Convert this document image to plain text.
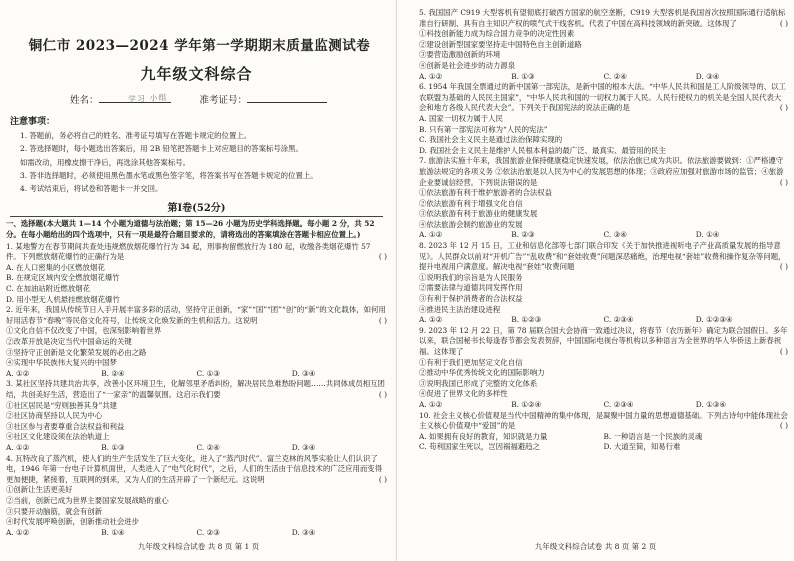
铜仁市 2023—2024 学年第一学期期末质量监测试卷
九年级文科综合
姓名：	准考证号：
注意事项：
1. 答题前，务必将自己的姓名、准考证号填写在答题卡规定的位置上。
2. 答选择题时，每小题选出答案后，用 2B 铅笔把答题卡上对应题目的答案标号涂黑。
如需改动，用橡皮擦干净后，再选涂其他答案标号。
3. 答非选择题时，必须使用黑色墨水笔或黑色签字笔，将答案书写在答题卡规定的位置上。
4. 考试结束后，将试卷和答题卡一并交回。
第Ⅰ卷(52分)
一、选择题(本大题共 1—14 个小题为道德与法治题；第 15—26 小题为历史学科选择题。每小题 2 分，共 52 分。在每小题给出的四个选项中，只有一项是最符合题目要求的，请将选出的答案填涂在答题卡相应位置上。)
1. 某地警方在春节期间共查处违规燃放烟花爆竹行为 34 起，刑事拘留燃放行为 180 起，收缴各类烟花爆竹 57 件。下列燃放烟花爆竹的正确行为是	( )
A. 在人口密集的小区燃放烟花
B. 在规定区域内安全燃放烟花爆竹
C. 在加油站附近燃放烟花
D. 用小型无人机悬挂燃放烟花爆竹
2. 近年来，我国从传统节日入手开展丰富多彩的活动，坚持守正创新，“家”“国”“团”“创”的“新”的文化载体，如何用好用活春节“春晚”等民俗文化符号，让传统文化焕发新的生机和活力。这说明	( )
①文化自信不仅改变了中国，也深刻影响着世界
②改革开放是决定当代中国命运的关键
③坚持守正创新是文化繁荣发展的必由之路
④实现中华民族伟大复兴的中国梦
A. ①②	B. ②④	C. ①③	D. ③④
3. 某社区坚持共建共治共享，改善小区环境卫生，化解邻里矛盾纠纷，解决居民急难愁盼问题……共同体成员相互团结，共创美好生活，营造出了“一家亲”的温馨氛围。这启示我们要	( )
①社区居民是“穷则独善其身”共建
②社区协商坚持以人民为中心
③社区参与者要尊重合法权益和利益
④社区文化建设须在法治轨道上
A. ①②	B. ①③	C. ②④	D. ③④
4. 瓦特改良了蒸汽机，使人们的生产生活发生了巨大变化，进入了“蒸汽时代”。富兰克林的风筝实验让人们认识了电，1946 年第一台电子计算机面世，人类进入了“电气化时代”，之后，人们的生活由于信息技术的广泛应用而变得更加便捷，紧接着，互联网的到来，又为人们的生活开辟了一个新纪元。这说明	( )
①创新让生活更美好
②当前，创新已成为世界主要国家发展战略的重心
③只要开动脑筋，就会有创新
④时代发展呼唤创新，创新推动社会进步
A. ①②	B. ①④	C. ②③	D. ③④
九年级文科综合试卷 共 8 页 第 1 页
学习 小组
5. 我国国产 C919 大型客机有望彻底打破西方国家的航空垄断，C919 大型客机是我国首次按照国际通行适航标准自行研制、具有自主知识产权的喷气式干线客机。代表了中国在高科技领域的新突破。这体现了	( )
①科技创新能力成为综合国力竞争的决定性因素
②建设创新型国家要坚持走中国特色自主创新道路
③要营造激励创新的环境
④创新是社会进步的动力源泉
A. ①②	B. ①③	C. ②④	D. ③④
6. 1954 年我国全票通过的新中国第一部宪法，是新中国的根本大法。“中华人民共和国是工人阶级领导的、以工农联盟为基础的人民民主国家”，“中华人民共和国的一切权力属于人民。人民行使权力的机关是全国人民代表大会和地方各级人民代表大会”。下列关于我国宪法的说法正确的是	( )
A. 国家一切权力属于人民
B. 只有第一部宪法可称为“人民的宪法”
C. 我国社会主义民主是通过法治保障实现的
D. 我国社会主义民主是维护人民根本利益的最广泛、最真实、最管用的民主
7. 旅游法实施十年来，我国旅游业保持健康稳定快速发展，依法治旅已成为共识。依法旅游要做到：①严格遵守旅游法规定的各项义务 ②依法治旅是以人民为中心的发展思想的体现；③政府应加强对旅游市场的监管；④旅游企业要诚信经营。下列说法错误的是	( )
①依法旅游有利于维护旅游者的合法权益
②依法旅游有利于增强文化自信
③依法旅游有利于旅游业的健康发展
④依法旅游会制约旅游业的发展
A. ①②	B. ②③	C. ③④	D. ①④
8. 2023 年 12 月 15 日，工业和信息化部等七部门联合印发《关于加快推进视听电子产业高质量发展的指导意见》。人民群众以前对“开机广告”“乱收费”和“套娃收费”问题深恶痛绝，治理电视“套娃”收费和操作复杂等问题，提升电视用户满意度。解决电视“套娃”收费问题	( )
①说明我们的宗旨是为人民服务
②需要法律与道德共同发挥作用
③有利于保护消费者的合法权益
④推进民主法治建设进程
A. ①②	B. ①②③	C. ②③④	D. ①②③④
9. 2023 年 12 月 22 日，第 78 届联合国大会协商一致通过决议，将春节（农历新年）确定为联合国假日。多年以来，联合国秘书长每逢春节都会发表贺辞，中国国际电视台等机构以多种语言为全世界的华人华侨送上新春祝福。这体现了	( )
①有利于我们更加坚定文化自信
②推动中华优秀传统文化的国际影响力
③说明我国已形成了完整的文化体系
④促进了世界文化的多样性
A. ①②	B. ①②④	C. ②③④	D. ①③④
10. 社会主义核心价值观是当代中国精神的集中体现，是凝聚中国力量的思想道德基础。下列古诗句中能体现社会主义核心价值观中“爱国”的是	( )
A. 如果拥有良好的教育，知识就是力量	B. 一种语言是一个民族的灵魂
C. 苟利国家生死以，岂因祸福避趋之	D. 大道至简，知易行难
九年级文科综合试卷 共 8 页 第 2 页
